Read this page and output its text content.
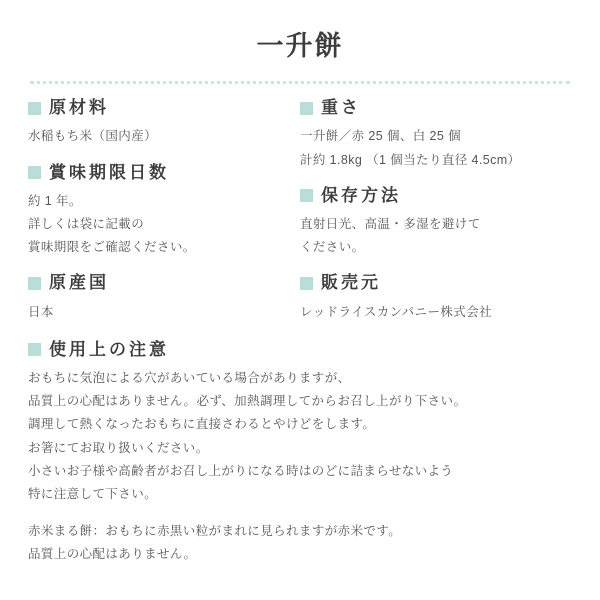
一升餅
原材料
水稲もち米（国内産）
賞味期限日数
約 1 年。
詳しくは袋に記載の
賞味期限をご確認ください。
原産国
日本
重さ
一升餅／赤 25 個、白 25 個
計約 1.8kg （1 個当たり直径 4.5cm）
保存方法
直射日光、高温・多湿を避けて
ください。
販売元
レッドライスカンパニー株式会社
使用上の注意
おもちに気泡による穴があいている場合がありますが、
品質上の心配はありません。必ず、加熱調理してからお召し上がり下さい。
調理して熱くなったおもちに直接さわるとやけどをします。
お箸にてお取り扱いください。
小さいお子様や高齢者がお召し上がりになる時はのどに詰まらせないよう
特に注意して下さい。
赤米まる餅：おもちに赤黒い粒がまれに見られますが赤米です。
品質上の心配はありません。
